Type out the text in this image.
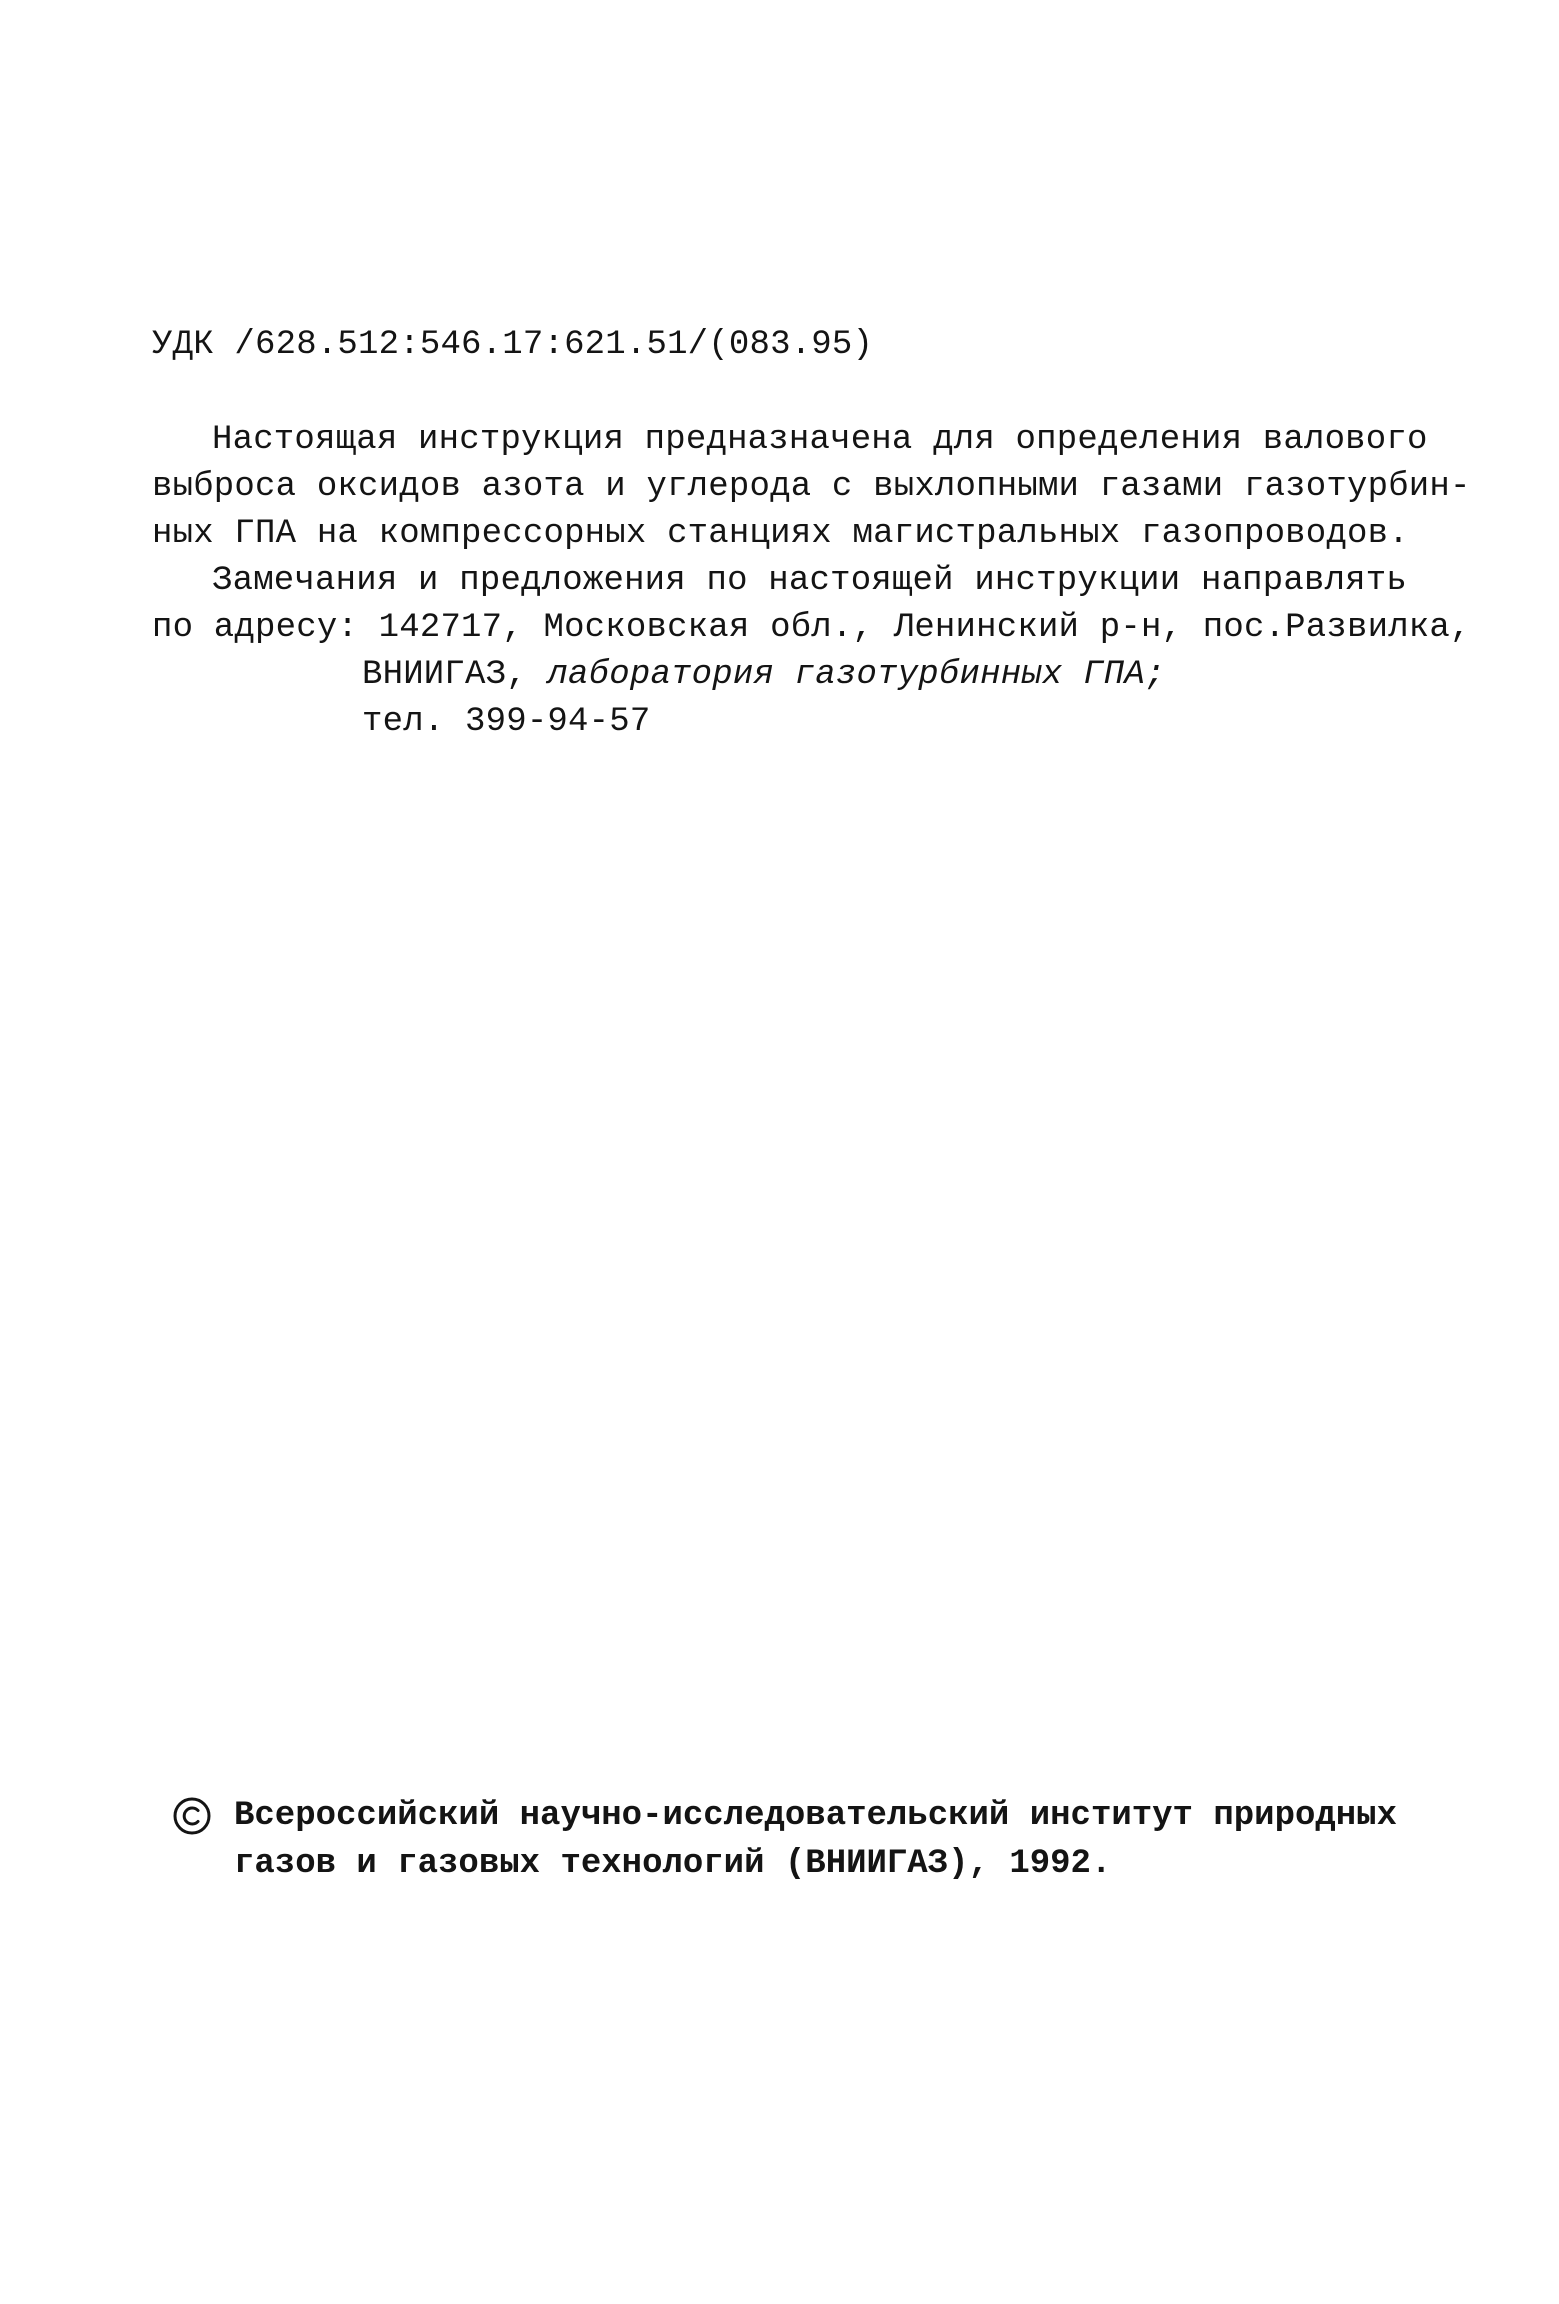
УДК /628.512:546.17:621.51/(083.95)
Настоящая инструкция предназначена для определения валового
выброса оксидов азота и углерода с выхлопными газами газотурбин-
ных ГПА на компрессорных станциях магистральных газопроводов.
Замечания и предложения по настоящей инструкции направлять
по адресу: 142717, Московская обл., Ленинский р-н, пос.Развилка,
ВНИИГАЗ, лаборатория газотурбинных ГПА;
тел. 399-94-57
Всероссийский научно-исследовательский институт природных
газов и газовых технологий (ВНИИГАЗ), 1992.
